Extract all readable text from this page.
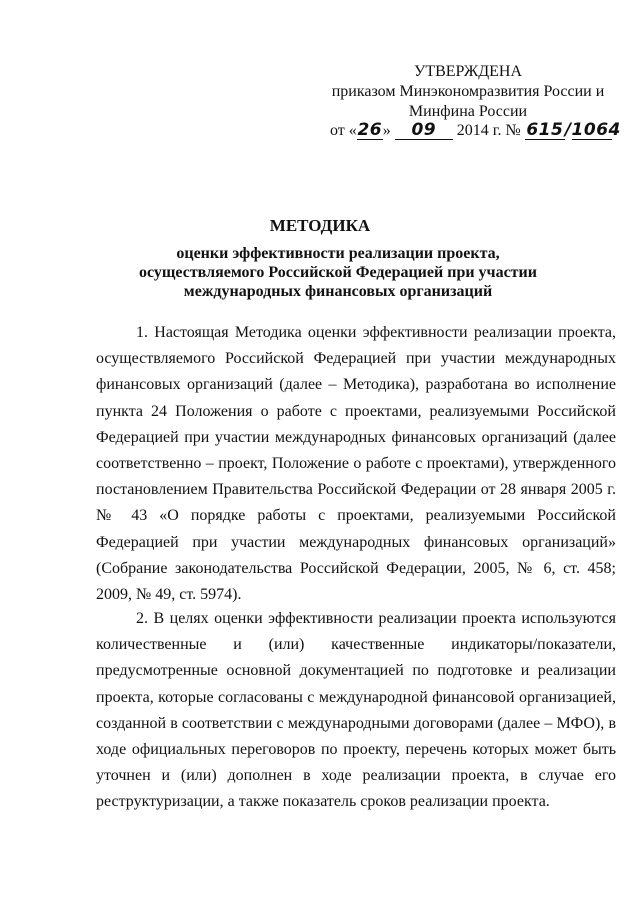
УТВЕРЖДЕНА
приказом Минэкономразвития России и
Минфина России
от «26» 09 2014 г. № 615/1064
МЕТОДИКА
оценки эффективности реализации проекта, осуществляемого Российской Федерацией при участии международных финансовых организаций
1. Настоящая Методика оценки эффективности реализации проекта, осуществляемого Российской Федерацией при участии международных финансовых организаций (далее – Методика), разработана во исполнение пункта 24 Положения о работе с проектами, реализуемыми Российской Федерацией при участии международных финансовых организаций (далее соответственно – проект, Положение о работе с проектами), утвержденного постановлением Правительства Российской Федерации от 28 января 2005 г. № 43 «О порядке работы с проектами, реализуемыми Российской Федерацией при участии международных финансовых организаций» (Собрание законодательства Российской Федерации, 2005, № 6, ст. 458; 2009, № 49, ст. 5974).
2. В целях оценки эффективности реализации проекта используются количественные и (или) качественные индикаторы/показатели, предусмотренные основной документацией по подготовке и реализации проекта, которые согласованы с международной финансовой организацией, созданной в соответствии с международными договорами (далее – МФО), в ходе официальных переговоров по проекту, перечень которых может быть уточнен и (или) дополнен в ходе реализации проекта, в случае его реструктуризации, а также показатель сроков реализации проекта.
